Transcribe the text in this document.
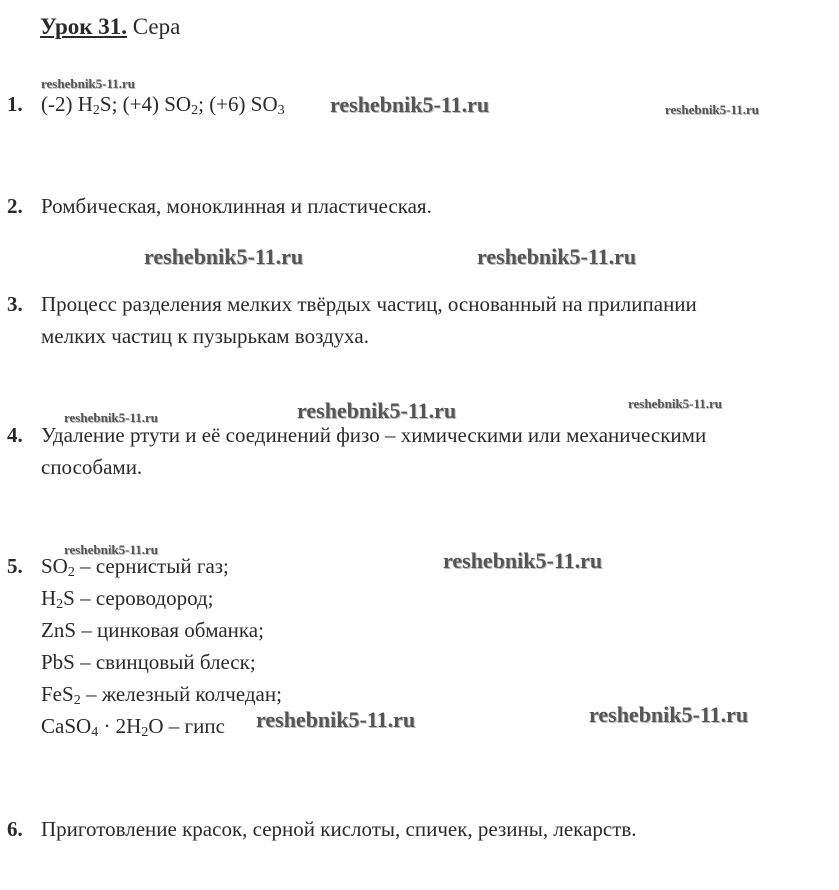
Урок 31. Сера
1. (-2) $H_2S$; (+4) $SO_2$; (+6) $SO_3$
2. Ромбическая, моноклинная и пластическая.
3. Процесс разделения мелких твёрдых частиц, основанный на прилипании
мелких частиц к пузырькам воздуха.
4. Удаление ртути и её соединений физо – химическими или механическими
способами.
5. $SO_2$ – сернистый газ;
$H_2S$ – сероводород;
ZnS – цинковая обманка;
PbS – свинцовый блеск;
FeS$_2$ – железный колчедан;
CaSO$_4$ · $2H_2O$ – гипс
6. Приготовление красок, серной кислоты, спичек, резины, лекарств.
reshebnik5-11.ru
reshebnik5-11.ru	reshebnik5-11.ru
reshebnik5-11.ru	reshebnik5-11.ru
reshebnik5-11.ru	reshebnik5-11.ru
reshebnik5-11.ru
reshebnik5-11.ru	reshebnik5-11.ru
reshebnik5-11.ru	reshebnik5-11.ru
